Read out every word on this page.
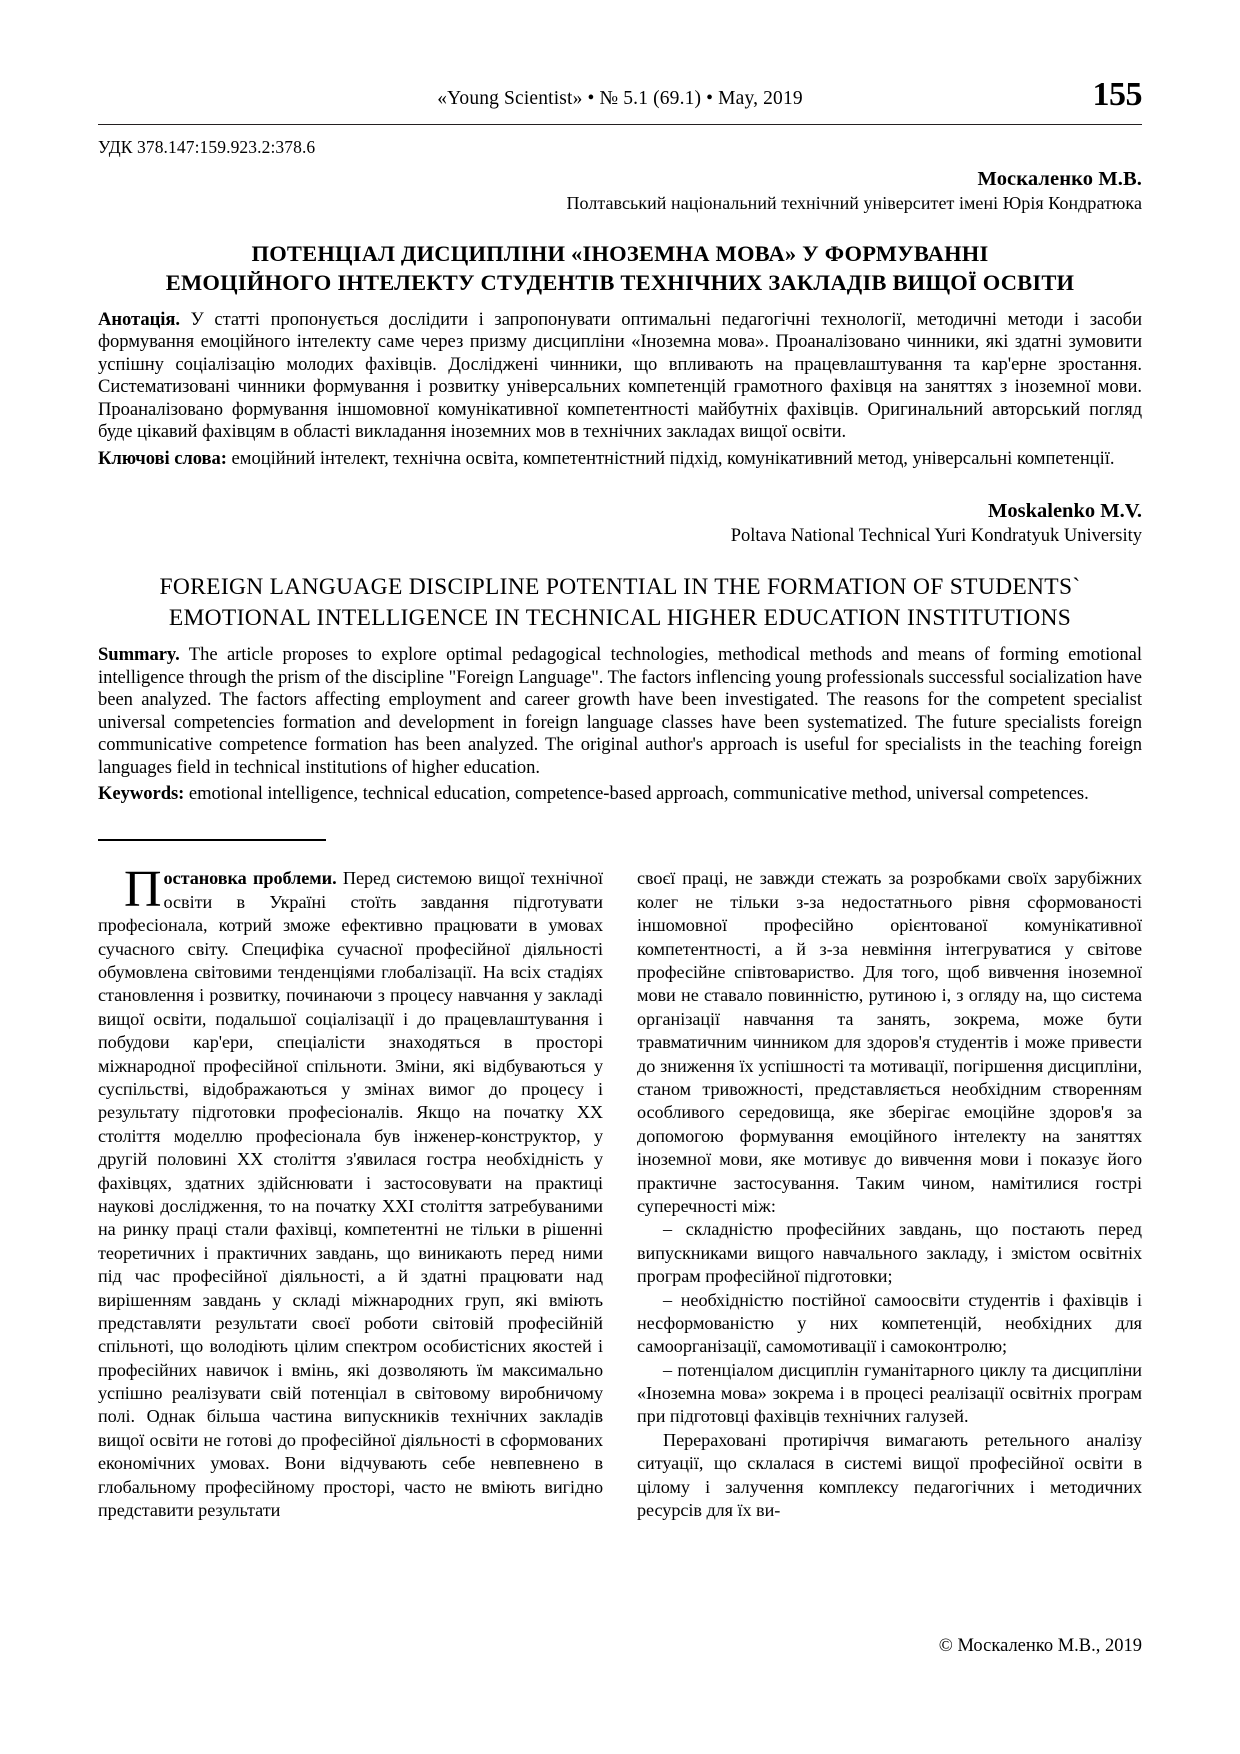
«Young Scientist» • № 5.1 (69.1) • May, 2019	155
УДК 378.147:159.923.2:378.6
Москаленко М.В.
Полтавський національний технічний університет імені Юрія Кондратюка
ПОТЕНЦІАЛ ДИСЦИПЛІНИ «ІНОЗЕМНА МОВА» У ФОРМУВАННІ
ЕМОЦІЙНОГО ІНТЕЛЕКТУ СТУДЕНТІВ ТЕХНІЧНИХ ЗАКЛАДІВ ВИЩОЇ ОСВІТИ
Анотація. У статті пропонується дослідити і запропонувати оптимальні педагогічні технології, методичні методи і засоби формування емоційного інтелекту саме через призму дисципліни «Іноземна мова». Проаналізовано чинники, які здатні зумовити успішну соціалізацію молодих фахівців. Досліджені чинники, що впливають на працевлаштування та кар'ерне зростання. Систематизовані чинники формування і розвитку універсальних компетенцій грамотного фахівця на заняттях з іноземної мови. Проаналізовано формування іншомовної комунікативної компетентності майбутніх фахівців. Оригинальний авторський погляд буде цікавий фахівцям в області викладання іноземних мов в технічних закладах вищої освіти.
Ключові слова: емоційний інтелект, технічна освіта, компетентністний підхід, комунікативний метод, універсальні компетенції.
Moskalenko M.V.
Poltava National Technical Yuri Kondratyuk University
FOREIGN LANGUAGE DISCIPLINE POTENTIAL IN THE FORMATION OF STUDENTS`
EMOTIONAL INTELLIGENCE IN TECHNICAL HIGHER EDUCATION INSTITUTIONS
Summary. The article proposes to explore optimal pedagogical technologies, methodical methods and means of forming emotional intelligence through the prism of the discipline "Foreign Language". The factors inflencing young professionals successful socialization have been analyzed. The factors affecting employment and career growth have been investigated. The reasons for the competent specialist universal competencies formation and development in foreign language classes have been systematized. The future specialists foreign communicative competence formation has been analyzed. The original author's approach is useful for specialists in the teaching foreign languages field in technical institutions of higher education.
Keywords: emotional intelligence, technical education, competence-based approach, communicative method, universal competences.

Постановка проблеми. Перед системою вищої технічної освіти в Україні стоїть завдання підготувати професіонала, котрий зможе ефективно працювати в умовах сучасного світу. Специфіка сучасної професійної діяльності обумовлена світовими тенденціями глобалізації. На всіх стадіях становлення і розвитку, починаючи з процесу навчання у закладі вищої освіти, подальшої соціалізації і до працевлаштування і побудови кар'ери, спеціалісти знаходяться в просторі міжнародної професійної спільноти. Зміни, які відбуваються у суспільстві, відображаються у змінах вимог до процесу і результату підготовки професіоналів. Якщо на початку XX століття моделлю професіонала був інженер-конструктор, у другій половині XX століття з'явилася гостра необхідність у фахівцях, здатних здійснювати і застосовувати на практиці наукові дослідження, то на початку XXI століття затребуваними на ринку праці стали фахівці, компетентні не тільки в рішенні теоретичних і практичних завдань, що виникають перед ними під час професійної діяльності, а й здатні працювати над вирішенням завдань у складі міжнародних груп, які вміють представляти результати своєї роботи світовій професійній спільноті, що володіють цілим спектром особистісних якостей і професійних навичок і вмінь, які дозволяють їм максимально успішно реалізувати свій потенціал в світовому виробничому полі. Однак більша частина випускників технічних закладів вищої освіти не готові до професійної діяльності в сформованих економічних умовах. Вони відчувають себе невпевнено в глобальному професійному просторі, часто не вміють вигідно представити результати

своєї праці, не завжди стежать за розробками своїх зарубіжних колег не тільки з-за недостатнього рівня сформованості іншомовної професійно орієнтованої комунікативної компетентності, а й з-за невміння інтегруватися у світове професійне співтовариство. Для того, щоб вивчення іноземної мови не ставало повинністю, рутиною і, з огляду на, що система організації навчання та занять, зокрема, може бути травматичним чинником для здоров'я студентів і може привести до зниження їх успішності та мотивації, погіршення дисципліни, станом тривожності, представляється необхідним створенням особливого середовища, яке зберігає емоційне здоров'я за допомогою формування емоційного інтелекту на заняттях іноземної мови, яке мотивує до вивчення мови і показує його практичне застосування. Таким чином, намітилися гострі суперечності між:

– складністю професійних завдань, що постають перед випускниками вищого навчального закладу, і змістом освітніх програм професійної підготовки;

– необхідністю постійної самоосвіти студентів і фахівців і несформованістю у них компетенцій, необхідних для самоорганізації, самомотивації і самоконтролю;

– потенціалом дисциплін гуманітарного циклу та дисципліни «Іноземна мова» зокрема і в процесі реалізації освітніх програм при підготовці фахівців технічних галузей.

Перераховані протиріччя вимагають ретельного аналізу ситуації, що склалася в системі вищої професійної освіти в цілому і залучення комплексу педагогічних і методичних ресурсів для їх ви-

© Москаленко М.В., 2019
